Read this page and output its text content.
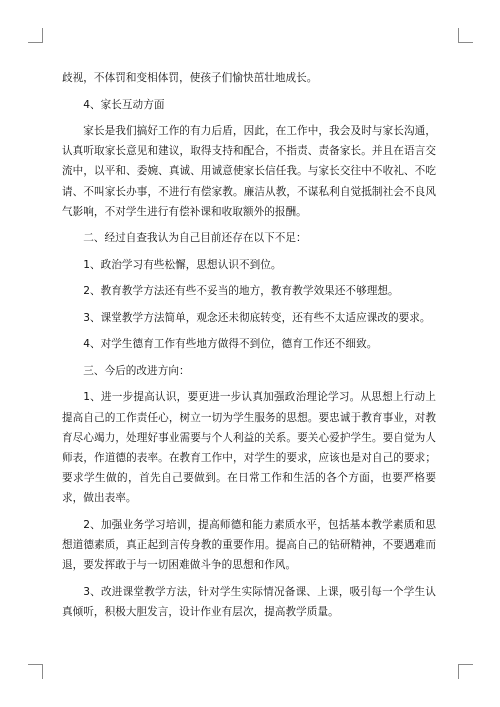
歧视，不体罚和变相体罚，使孩子们愉快茁壮地成长。

4、家长互动方面

家长是我们搞好工作的有力后盾，因此，在工作中，我会及时与家长沟通，认真听取家长意见和建议，取得支持和配合，不指责、责备家长。并且在语言交流中，以平和、委婉、真诚、用诚意使家长信任我。与家长交往中不收礼、不吃请、不叫家长办事，不进行有偿家教。廉洁从教，不谋私利自觉抵制社会不良风气影响，不对学生进行有偿补课和收取额外的报酬。

二、经过自查我认为自己目前还存在以下不足：

1、政治学习有些松懈，思想认识不到位。

2、教育教学方法还有些不妥当的地方，教育教学效果还不够理想。

3、课堂教学方法简单，观念还未彻底转变，还有些不太适应课改的要求。

4、对学生德育工作有些地方做得不到位，德育工作还不细致。

三、今后的改进方向：

1、进一步提高认识，要更进一步认真加强政治理论学习。从思想上行动上提高自己的工作责任心，树立一切为学生服务的思想。要忠诚于教育事业，对教育尽心竭力，处理好事业需要与个人利益的关系。要关心爱护学生。要自觉为人师表，作道德的表率。在教育工作中，对学生的要求，应该也是对自己的要求；要求学生做的，首先自己要做到。在日常工作和生活的各个方面，也要严格要求，做出表率。

2、加强业务学习培训，提高师德和能力素质水平，包括基本教学素质和思想道德素质，真正起到言传身教的重要作用。提高自己的钻研精神，不要遇难而退，要发挥敢于与一切困难做斗争的思想和作风。

3、改进课堂教学方法，针对学生实际情况备课、上课，吸引每一个学生认真倾听，积极大胆发言，设计作业有层次，提高教学质量。
